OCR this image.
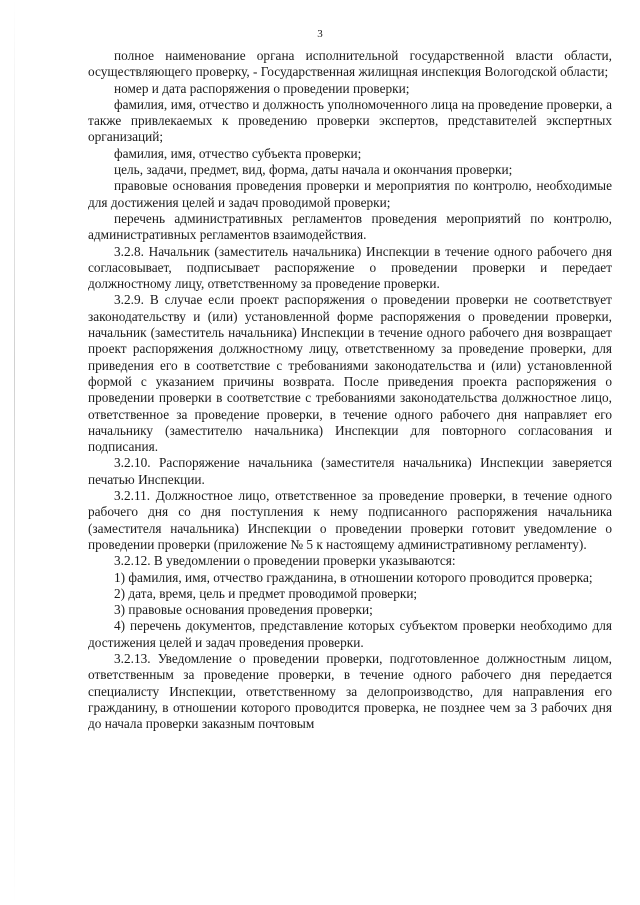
3

полное наименование органа исполнительной государственной власти области, осуществляющего проверку, - Государственная жилищная инспекция Вологодской области;

номер и дата распоряжения о проведении проверки;

фамилия, имя, отчество и должность уполномоченного лица на проведение проверки, а также привлекаемых к проведению проверки экспертов, представителей экспертных организаций;

фамилия, имя, отчество субъекта проверки;

цель, задачи, предмет, вид, форма, даты начала и окончания проверки;

правовые основания проведения проверки и мероприятия по контролю, необходимые для достижения целей и задач проводимой проверки;

перечень административных регламентов проведения мероприятий по контролю, административных регламентов взаимодействия.

3.2.8. Начальник (заместитель начальника) Инспекции в течение одного рабочего дня согласовывает, подписывает распоряжение о проведении проверки и передает должностному лицу, ответственному за проведение проверки.

3.2.9. В случае если проект распоряжения о проведении проверки не соответствует законодательству и (или) установленной форме распоряжения о проведении проверки, начальник (заместитель начальника) Инспекции в течение одного рабочего дня возвращает проект распоряжения должностному лицу, ответственному за проведение проверки, для приведения его в соответствие с требованиями законодательства и (или) установленной формой с указанием причины возврата. После приведения проекта распоряжения о проведении проверки в соответствие с требованиями законодательства должностное лицо, ответственное за проведение проверки, в течение одного рабочего дня направляет его начальнику (заместителю начальника) Инспекции для повторного согласования и подписания.

3.2.10. Распоряжение начальника (заместителя начальника) Инспекции заверяется печатью Инспекции.

3.2.11. Должностное лицо, ответственное за проведение проверки, в течение одного рабочего дня со дня поступления к нему подписанного распоряжения начальника (заместителя начальника) Инспекции о проведении проверки готовит уведомление о проведении проверки (приложение № 5 к настоящему административному регламенту).

3.2.12. В уведомлении о проведении проверки указываются:

1) фамилия, имя, отчество гражданина, в отношении которого проводится проверка;

2) дата, время, цель и предмет проводимой проверки;

3) правовые основания проведения проверки;

4) перечень документов, представление которых субъектом проверки необходимо для достижения целей и задач проведения проверки.

3.2.13. Уведомление о проведении проверки, подготовленное должностным лицом, ответственным за проведение проверки, в течение одного рабочего дня передается специалисту Инспекции, ответственному за делопроизводство, для направления его гражданину, в отношении которого проводится проверка, не позднее чем за 3 рабочих дня до начала проверки заказным почтовым
